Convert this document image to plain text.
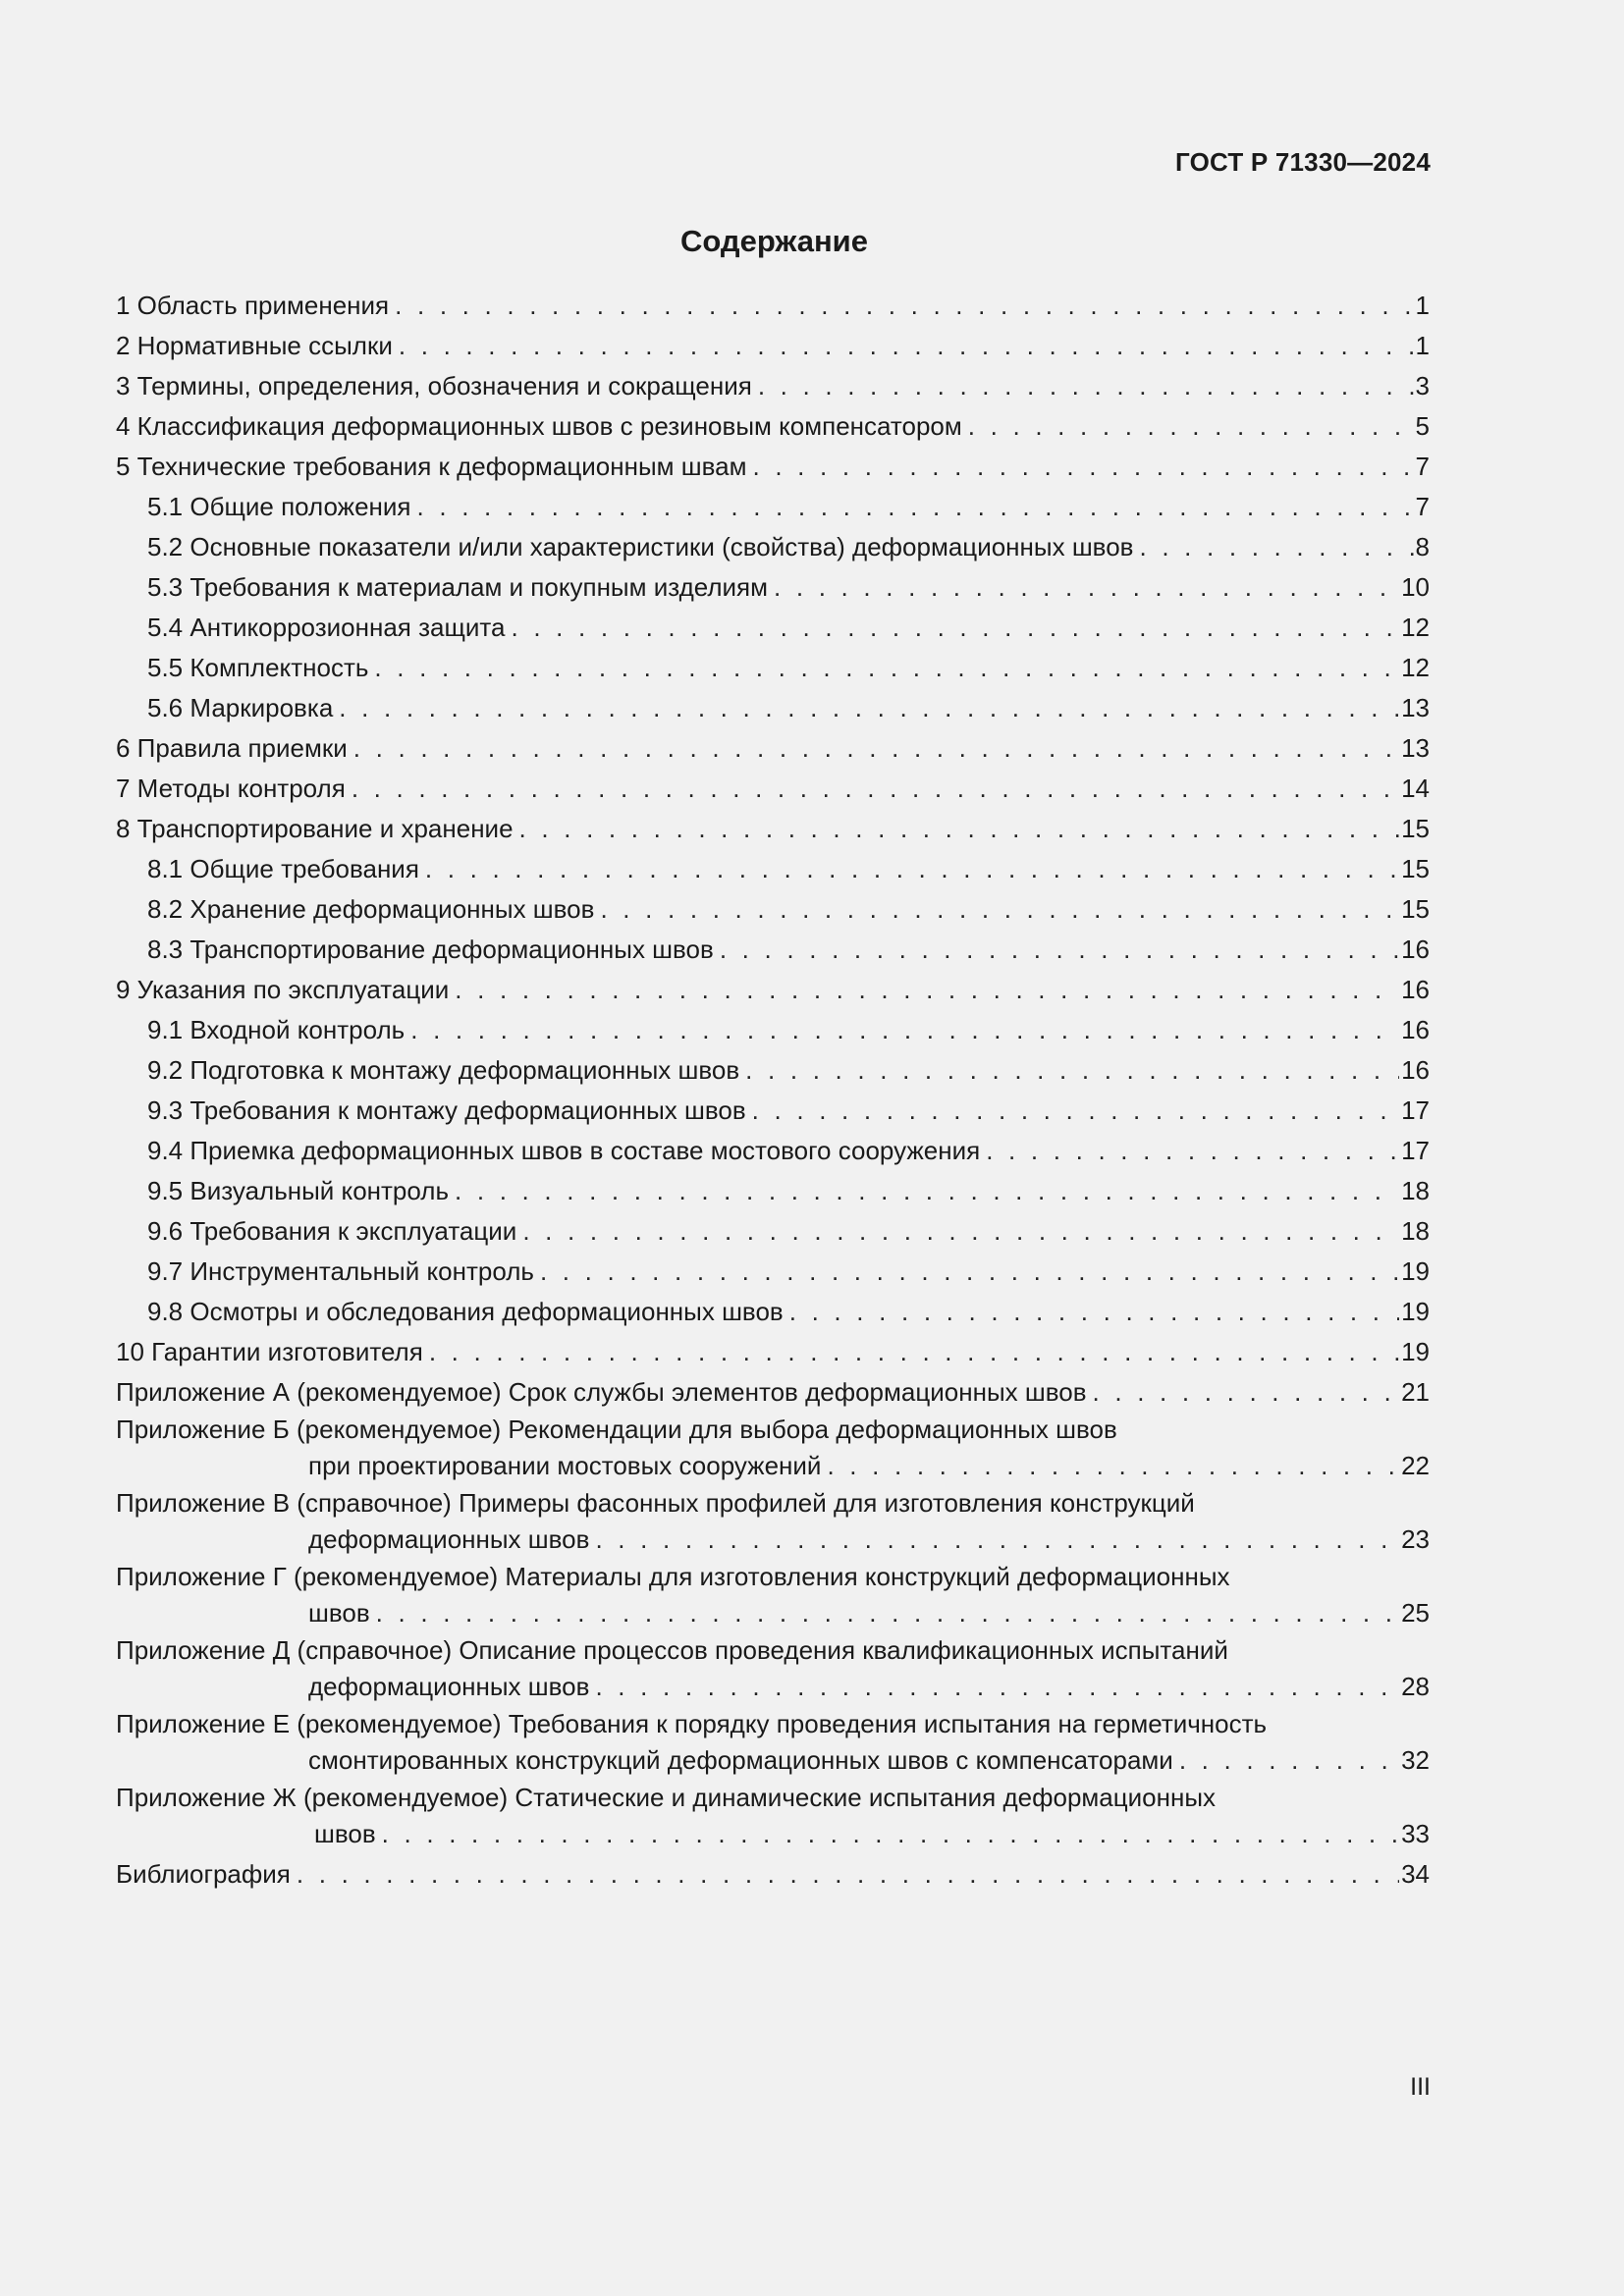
ГОСТ Р 71330—2024
Содержание
1 Область применения . . .	1
2 Нормативные ссылки . . .	1
3 Термины, определения, обозначения и сокращения . . .	3
4 Классификация деформационных швов с резиновым компенсатором . . .	5
5 Технические требования к деформационным швам . . .	7
5.1 Общие положения . . .	7
5.2 Основные показатели и/или характеристики (свойства) деформационных швов . . .	8
5.3 Требования к материалам и покупным изделиям . . .	10
5.4 Антикоррозионная защита . . .	12
5.5 Комплектность . . .	12
5.6 Маркировка . . .	13
6 Правила приемки . . .	13
7 Методы контроля . . .	14
8 Транспортирование и хранение . . .	15
8.1 Общие требования . . .	15
8.2 Хранение деформационных швов . . .	15
8.3 Транспортирование деформационных швов . . .	16
9 Указания по эксплуатации . . .	16
9.1 Входной контроль . . .	16
9.2 Подготовка к монтажу деформационных швов . . .	16
9.3 Требования к монтажу деформационных швов . . .	17
9.4 Приемка деформационных швов в составе мостового сооружения . . .	17
9.5 Визуальный контроль . . .	18
9.6 Требования к эксплуатации . . .	18
9.7 Инструментальный контроль . . .	19
9.8 Осмотры и обследования деформационных швов . . .	19
10 Гарантии изготовителя . . .	19
Приложение А (рекомендуемое) Срок службы элементов деформационных швов . . .	21
Приложение Б (рекомендуемое) Рекомендации для выбора деформационных швов
при проектировании мостовых сооружений . . .	22
Приложение В (справочное) Примеры фасонных профилей для изготовления конструкций
деформационных швов . . .	23
Приложение Г (рекомендуемое) Материалы для изготовления конструкций деформационных
швов . . .	25
Приложение Д (справочное) Описание процессов проведения квалификационных испытаний
деформационных швов . . .	28
Приложение Е (рекомендуемое) Требования к порядку проведения испытания на герметичность
смонтированных конструкций деформационных швов с компенсаторами . . .	32
Приложение Ж (рекомендуемое) Статические и динамические испытания деформационных
швов . . .	33
Библиография . . .	34
III
